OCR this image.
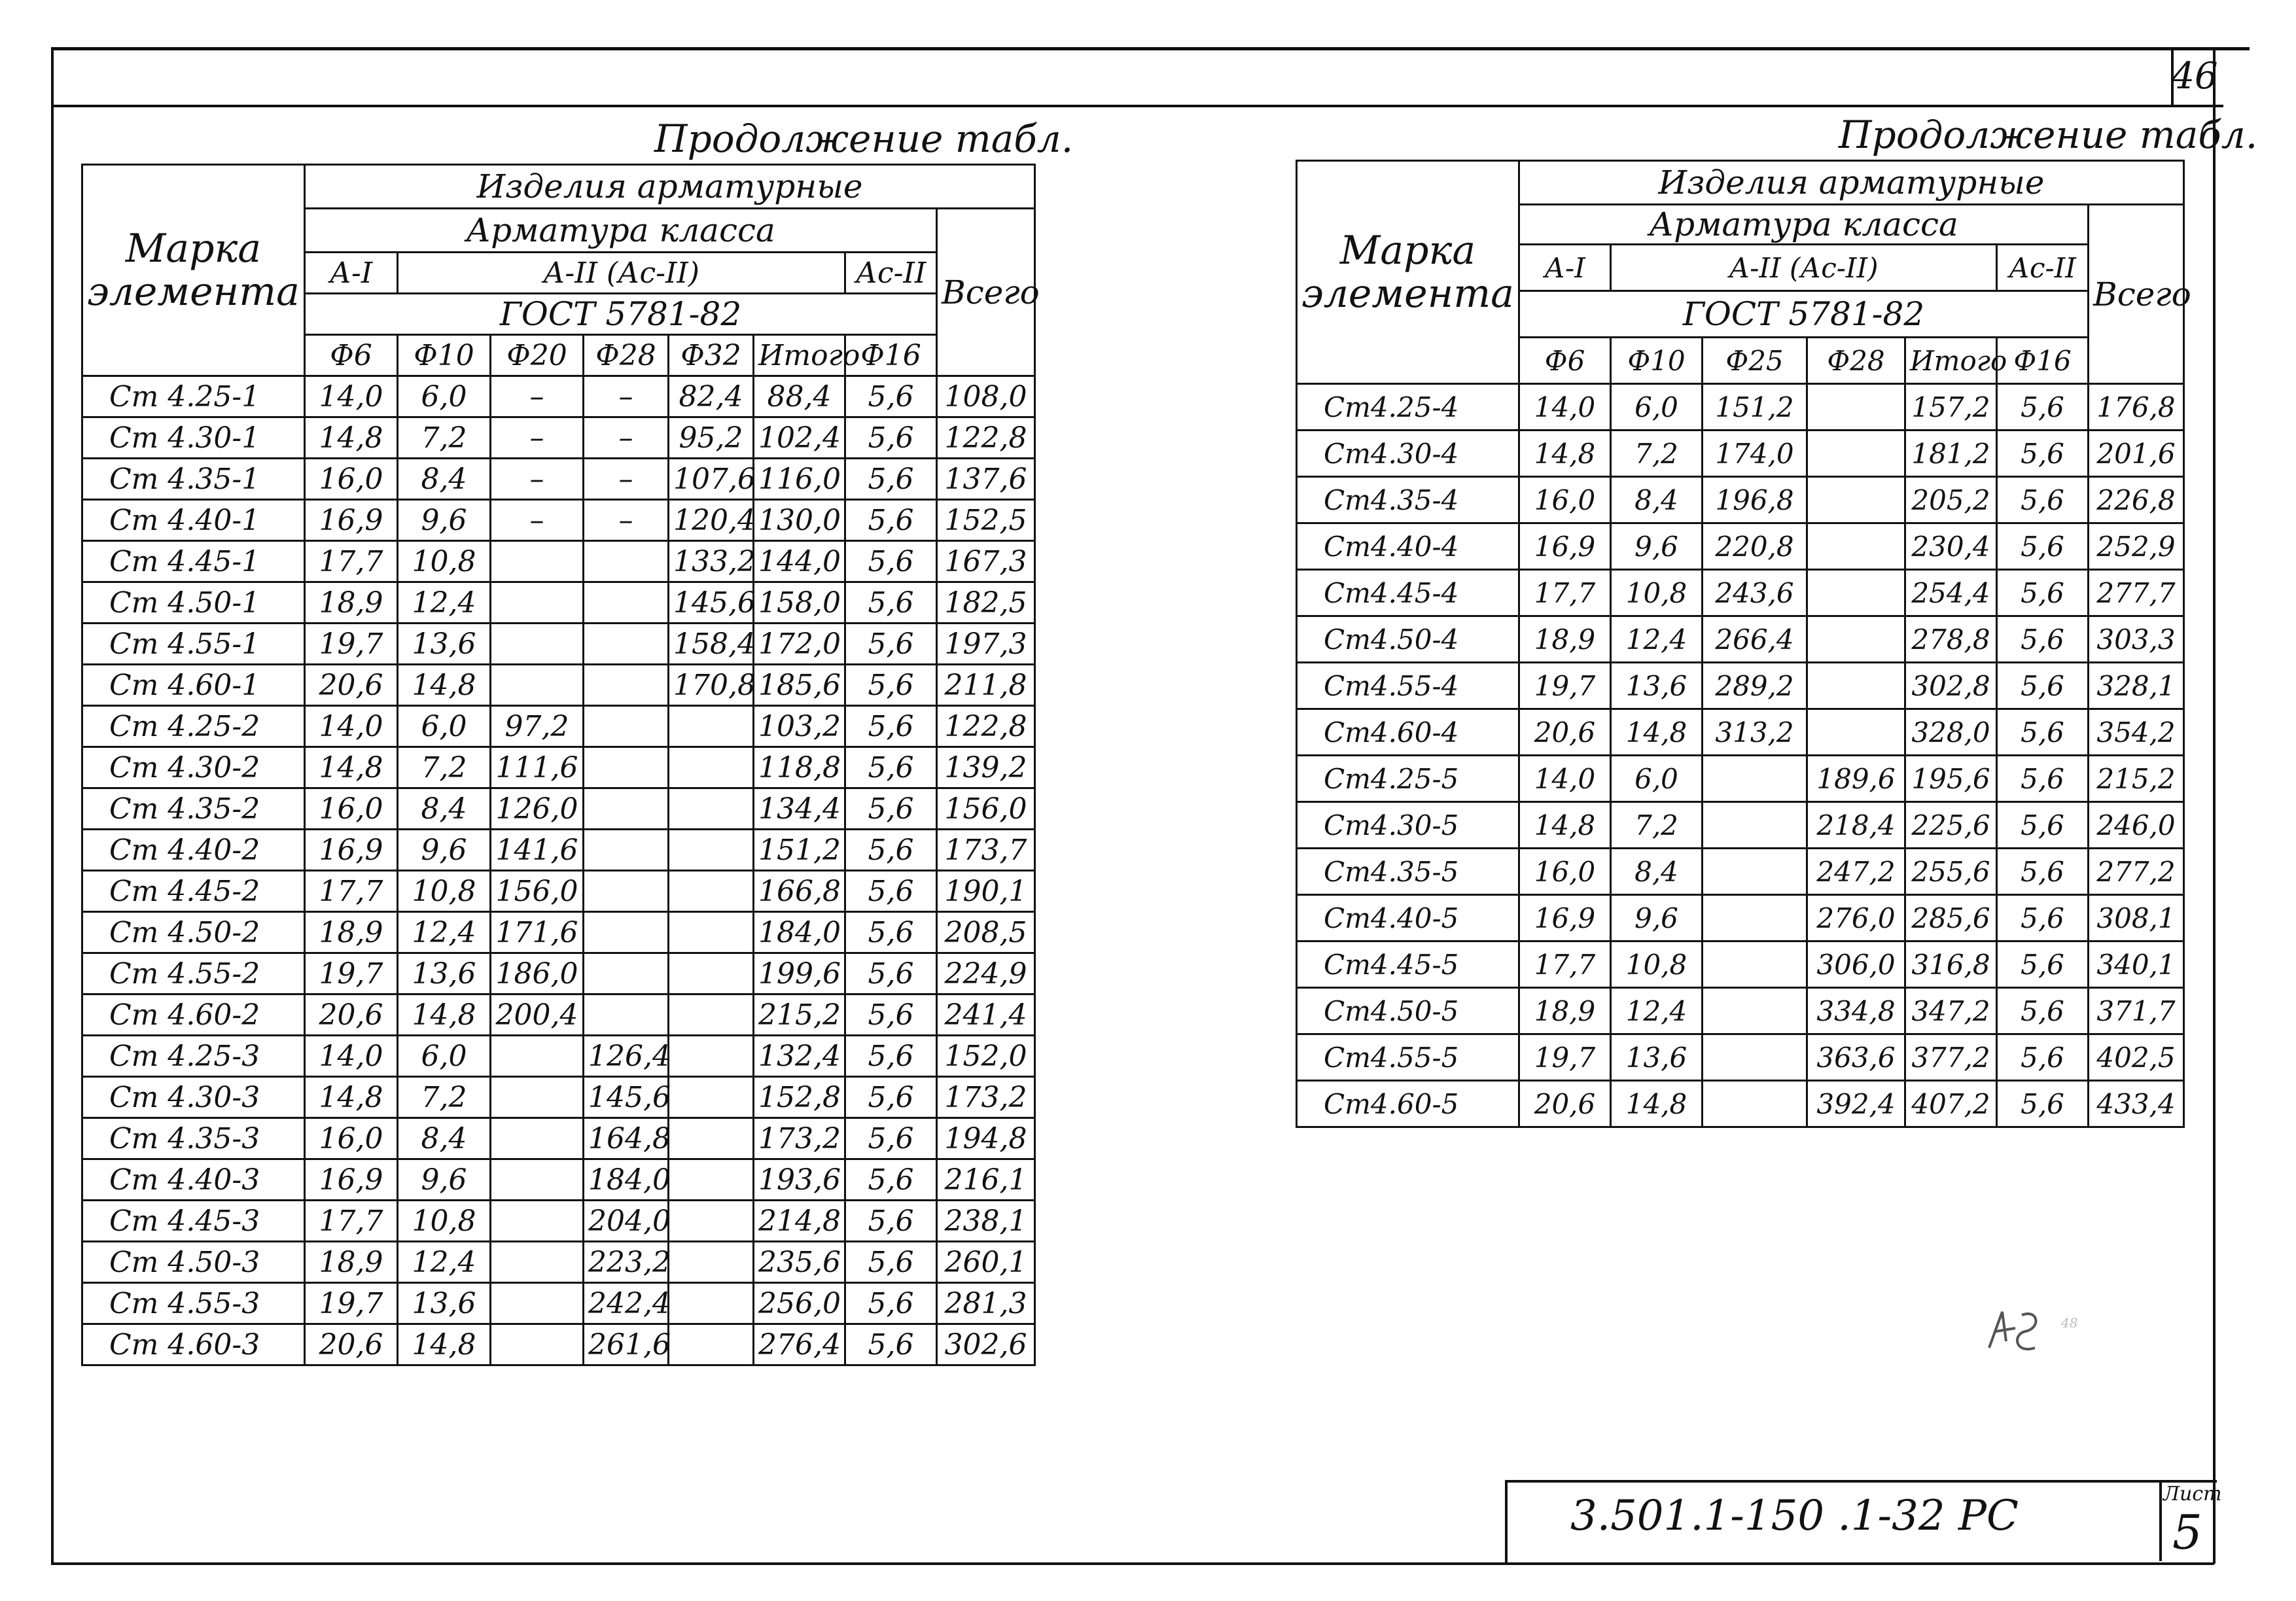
46
Продолжение табл.	Продолжение табл.
Марка элемента	Изделия арматурные							
	Арматура класса							Всего
	А-I	А-II (Ас-II)					Ас-II	
	ГОСТ 5781-82							
	Ф6	Ф10	Ф20	Ф28	Ф32	Итого	Ф16	
Ст 4.25-1	14,0	6,0	–	–	82,4	88,4	5,6	108,0
Ст 4.30-1	14,8	7,2	–	–	95,2	102,4	5,6	122,8
Ст 4.35-1	16,0	8,4	–	–	107,6	116,0	5,6	137,6
Ст 4.40-1	16,9	9,6	–	–	120,4	130,0	5,6	152,5
Ст 4.45-1	17,7	10,8			133,2	144,0	5,6	167,3
Ст 4.50-1	18,9	12,4			145,6	158,0	5,6	182,5
Ст 4.55-1	19,7	13,6			158,4	172,0	5,6	197,3
Ст 4.60-1	20,6	14,8			170,8	185,6	5,6	211,8
Ст 4.25-2	14,0	6,0	97,2			103,2	5,6	122,8
Ст 4.30-2	14,8	7,2	111,6			118,8	5,6	139,2
Ст 4.35-2	16,0	8,4	126,0			134,4	5,6	156,0
Ст 4.40-2	16,9	9,6	141,6			151,2	5,6	173,7
Ст 4.45-2	17,7	10,8	156,0			166,8	5,6	190,1
Ст 4.50-2	18,9	12,4	171,6			184,0	5,6	208,5
Ст 4.55-2	19,7	13,6	186,0			199,6	5,6	224,9
Ст 4.60-2	20,6	14,8	200,4			215,2	5,6	241,4
Ст 4.25-3	14,0	6,0		126,4		132,4	5,6	152,0
Ст 4.30-3	14,8	7,2		145,6		152,8	5,6	173,2
Ст 4.35-3	16,0	8,4		164,8		173,2	5,6	194,8
Ст 4.40-3	16,9	9,6		184,0		193,6	5,6	216,1
Ст 4.45-3	17,7	10,8		204,0		214,8	5,6	238,1
Ст 4.50-3	18,9	12,4		223,2		235,6	5,6	260,1
Ст 4.55-3	19,7	13,6		242,4		256,0	5,6	281,3
Ст 4.60-3	20,6	14,8		261,6		276,4	5,6	302,6
Марка элемента	Изделия арматурные						
	Арматура класса						Всего
	А-I	А-II (Ас-II)				Ас-II	
	ГОСТ 5781-82						
	Ф6	Ф10	Ф25	Ф28	Итого	Ф16	
Ст4.25-4	14,0	6,0	151,2		157,2	5,6	176,8
Ст4.30-4	14,8	7,2	174,0		181,2	5,6	201,6
Ст4.35-4	16,0	8,4	196,8		205,2	5,6	226,8
Ст4.40-4	16,9	9,6	220,8		230,4	5,6	252,9
Ст4.45-4	17,7	10,8	243,6		254,4	5,6	277,7
Ст4.50-4	18,9	12,4	266,4		278,8	5,6	303,3
Ст4.55-4	19,7	13,6	289,2		302,8	5,6	328,1
Ст4.60-4	20,6	14,8	313,2		328,0	5,6	354,2
Ст4.25-5	14,0	6,0		189,6	195,6	5,6	215,2
Ст4.30-5	14,8	7,2		218,4	225,6	5,6	246,0
Ст4.35-5	16,0	8,4		247,2	255,6	5,6	277,2
Ст4.40-5	16,9	9,6		276,0	285,6	5,6	308,1
Ст4.45-5	17,7	10,8		306,0	316,8	5,6	340,1
Ст4.50-5	18,9	12,4		334,8	347,2	5,6	371,7
Ст4.55-5	19,7	13,6		363,6	377,2	5,6	402,5
Ст4.60-5	20,6	14,8		392,4	407,2	5,6	433,4
48
3.501.1-150 .1-32 РС	Лист
5
